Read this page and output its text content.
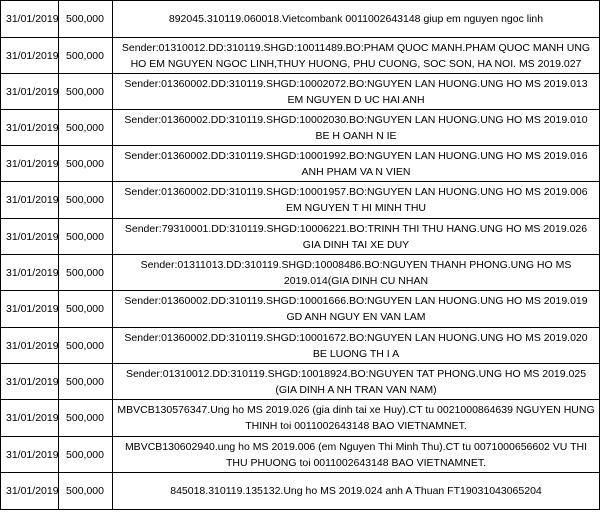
31/01/2019	500,000	892045.310119.060018.Vietcombank 0011002643148 giup em nguyen ngoc linh
31/01/2019	500,000	Sender:01310012.DD:310119.SHGD:10011489.BO:PHAM QUOC MANH.PHAM QUOC MANH UNG HO EM NGUYEN NGOC LINH,THUY HUONG, PHU CUONG, SOC SON, HA NOI. MS 2019.027
31/01/2019	500,000	Sender:01360002.DD:310119.SHGD:10002072.BO:NGUYEN LAN HUONG.UNG HO MS 2019.013 EM NGUYEN D UC HAI ANH
31/01/2019	500,000	Sender:01360002.DD:310119.SHGD:10002030.BO:NGUYEN LAN HUONG.UNG HO MS 2019.010 BE H OANH N IE
31/01/2019	500,000	Sender:01360002.DD:310119.SHGD:10001992.BO:NGUYEN LAN HUONG.UNG HO MS 2019.016 ANH PHAM VA N VIEN
31/01/2019	500,000	Sender:01360002.DD:310119.SHGD:10001957.BO:NGUYEN LAN HUONG.UNG HO MS 2019.006 EM NGUYEN T HI MINH THU
31/01/2019	500,000	Sender:79310001.DD:310119.SHGD:10006221.BO:TRINH THI THU HANG.UNG HO MS 2019.026 GIA DINH TAI XE DUY
31/01/2019	500,000	Sender:01311013.DD:310119.SHGD:10008486.BO:NGUYEN THANH PHONG.UNG HO MS 2019.014(GIA DINH CU NHAN
31/01/2019	500,000	Sender:01360002.DD:310119.SHGD:10001666.BO:NGUYEN LAN HUONG.UNG HO MS 2019.019 GD ANH NGUY EN VAN LAM
31/01/2019	500,000	Sender:01360002.DD:310119.SHGD:10001672.BO:NGUYEN LAN HUONG.UNG HO MS 2019.020 BE LUONG TH I A
31/01/2019	500,000	Sender:01310012.DD:310119.SHGD:10018924.BO:NGUYEN TAT PHONG.UNG HO MS 2019.025 (GIA DINH A NH TRAN VAN NAM)
31/01/2019	500,000	MBVCB130576347.Ung ho MS 2019.026 (gia dinh tai xe Huy).CT tu 0021000864639 NGUYEN HUNG THINH toi 0011002643148 BAO VIETNAMNET.
31/01/2019	500,000	MBVCB130602940.ung ho MS 2019.006 (em Nguyen Thi Minh Thu).CT tu 0071000656602 VU THI THU PHUONG toi 0011002643148 BAO VIETNAMNET.
31/01/2019	500,000	845018.310119.135132.Ung ho MS 2019.024 anh A Thuan FT19031043065204
